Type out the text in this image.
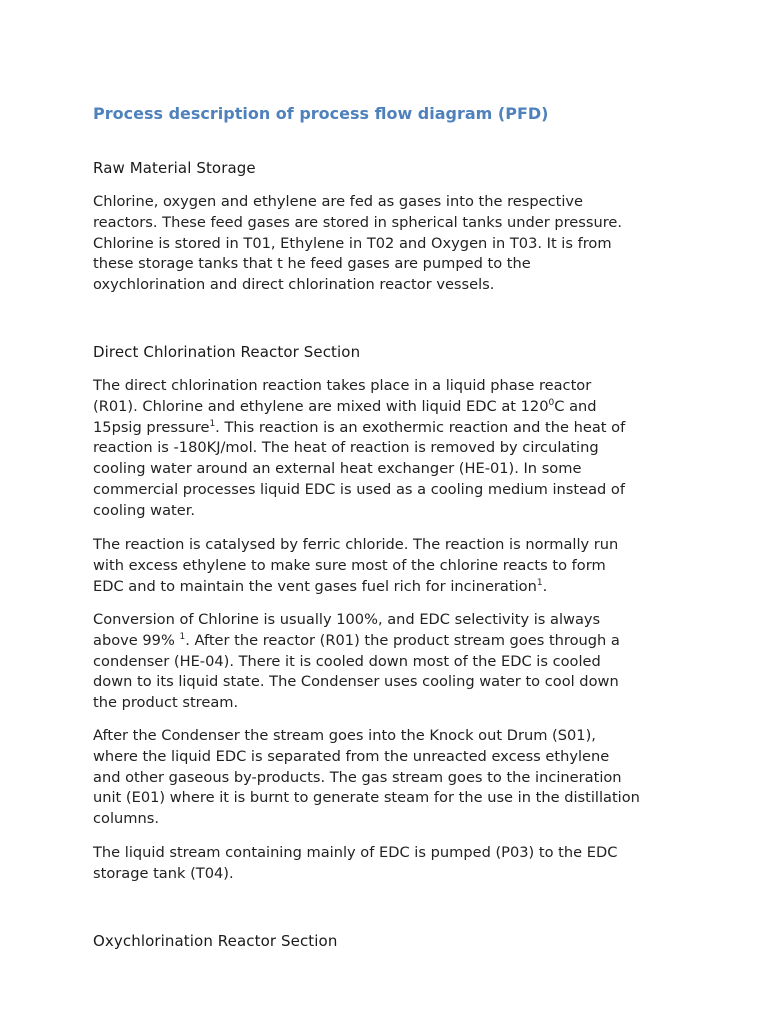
Process description of process flow diagram (PFD)
Raw Material Storage
Chlorine, oxygen and ethylene are fed as gases into the respective
reactors. These feed gases are stored in spherical tanks under pressure.
Chlorine is stored in T01, Ethylene in T02 and Oxygen in T03. It is from
these storage tanks that t he feed gases are pumped to the
oxychlorination and direct chlorination reactor vessels.
Direct Chlorination Reactor Section
The direct chlorination reaction takes place in a liquid phase reactor
(R01). Chlorine and ethylene are mixed with liquid EDC at $120^0C$ and
15psig pressure$^1$. This reaction is an exothermic reaction and the heat of
reaction is -180KJ/mol. The heat of reaction is removed by circulating
cooling water around an external heat exchanger (HE-01). In some
commercial processes liquid EDC is used as a cooling medium instead of
cooling water.
The reaction is catalysed by ferric chloride. The reaction is normally run
with excess ethylene to make sure most of the chlorine reacts to form
EDC and to maintain the vent gases fuel rich for incineration$^1$.
Conversion of Chlorine is usually 100%, and EDC selectivity is always
above 99% $^1$. After the reactor (R01) the product stream goes through a
condenser (HE-04). There it is cooled down most of the EDC is cooled
down to its liquid state. The Condenser uses cooling water to cool down
the product stream.
After the Condenser the stream goes into the Knock out Drum (S01),
where the liquid EDC is separated from the unreacted excess ethylene
and other gaseous by-products. The gas stream goes to the incineration
unit (E01) where it is burnt to generate steam for the use in the distillation
columns.
The liquid stream containing mainly of EDC is pumped (P03) to the EDC
storage tank (T04).
Oxychlorination Reactor Section
